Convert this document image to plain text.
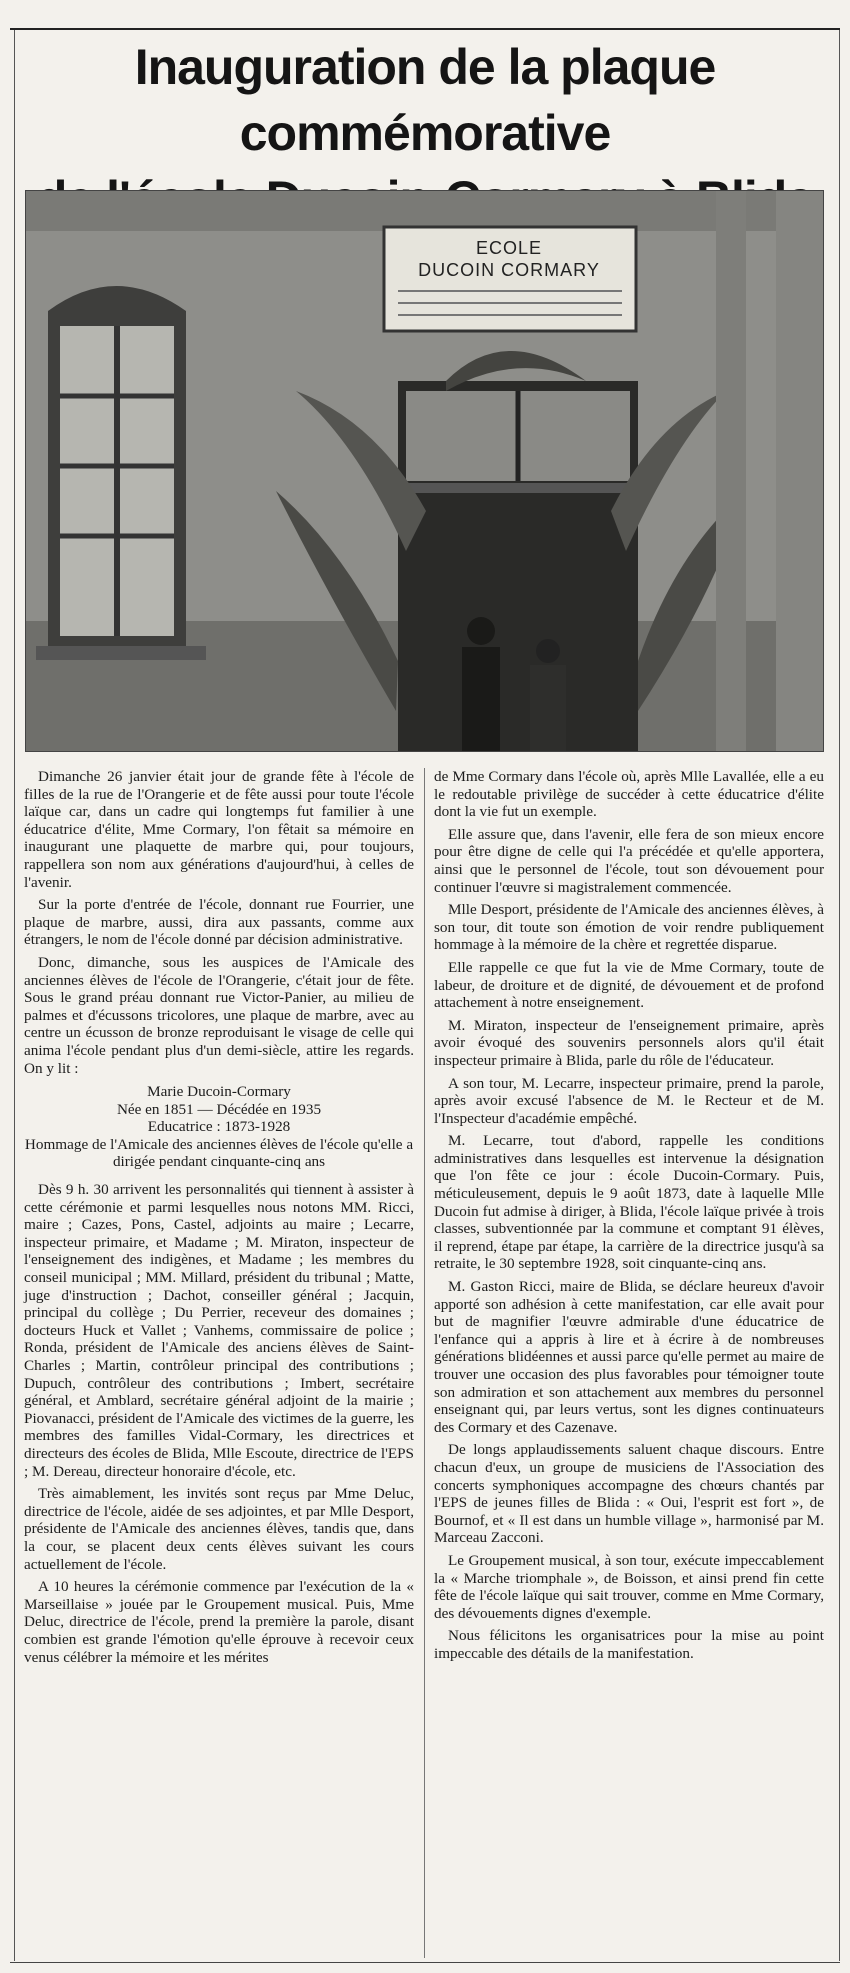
Inauguration de la plaque commémorative
ECOLE
DUCOIN CORMARY

Dimanche 26 janvier était jour de grande fête à l'école de filles de la rue de l'Orangerie et de fête aussi pour toute l'école laïque car, dans un cadre qui longtemps fut familier à une éducatrice d'élite, Mme Cormary, l'on fêtait sa mémoire en inaugurant une plaquette de marbre qui, pour toujours, rappellera son nom aux générations d'aujourd'hui, à celles de l'avenir.

Sur la porte d'entrée de l'école, donnant rue Fourrier, une plaque de marbre, aussi, dira aux passants, comme aux étrangers, le nom de l'école donné par décision administrative.

Donc, dimanche, sous les auspices de l'Amicale des anciennes élèves de l'école de l'Orangerie, c'était jour de fête. Sous le grand préau donnant rue Victor-Panier, au milieu de palmes et d'écussons tricolores, une plaque de marbre, avec au centre un écusson de bronze reproduisant le visage de celle qui anima l'école pendant plus d'un demi-siècle, attire les regards. On y lit :

Marie Ducoin-Cormary
Née en 1851 — Décédée en 1935
Educatrice : 1873-1928
Hommage de l'Amicale des anciennes élèves de l'école qu'elle a dirigée pendant cinquante-cinq ans

Dès 9 h. 30 arrivent les personnalités qui tiennent à assister à cette cérémonie et parmi lesquelles nous notons MM. Ricci, maire ; Cazes, Pons, Castel, adjoints au maire ; Lecarre, inspecteur primaire, et Madame ; M. Miraton, inspecteur de l'enseignement des indigènes, et Madame ; les membres du conseil municipal ; MM. Millard, président du tribunal ; Matte, juge d'instruction ; Dachot, conseiller général ; Jacquin, principal du collège ; Du Perrier, receveur des domaines ; docteurs Huck et Vallet ; Vanhems, commissaire de police ; Ronda, président de l'Amicale des anciens élèves de Saint-Charles ; Martin, contrôleur principal des contributions ; Dupuch, contrôleur des contributions ; Imbert, secrétaire général, et Amblard, secrétaire général adjoint de la mairie ; Piovanacci, président de l'Amicale des victimes de la guerre, les membres des familles Vidal-Cormary, les directrices et directeurs des écoles de Blida, Mlle Escoute, directrice de l'EPS ; M. Dereau, directeur honoraire d'école, etc.

Très aimablement, les invités sont reçus par Mme Deluc, directrice de l'école, aidée de ses adjointes, et par Mlle Desport, présidente de l'Amicale des anciennes élèves, tandis que, dans la cour, se placent deux cents élèves suivant les cours actuellement de l'école.

A 10 heures la cérémonie commence par l'exécution de la « Marseillaise » jouée par le Groupement musical. Puis, Mme Deluc, directrice de l'école, prend la première la parole, disant combien est grande l'émotion qu'elle éprouve à recevoir ceux venus célébrer la mémoire et les mérites

de Mme Cormary dans l'école où, après Mlle Lavallée, elle a eu le redoutable privilège de succéder à cette éducatrice d'élite dont la vie fut un exemple.

Elle assure que, dans l'avenir, elle fera de son mieux encore pour être digne de celle qui l'a précédée et qu'elle apportera, ainsi que le personnel de l'école, tout son dévouement pour continuer l'œuvre si magistralement commencée.

Mlle Desport, présidente de l'Amicale des anciennes élèves, à son tour, dit toute son émotion de voir rendre publiquement hommage à la mémoire de la chère et regrettée disparue.

Elle rappelle ce que fut la vie de Mme Cormary, toute de labeur, de droiture et de dignité, de dévouement et de profond attachement à notre enseignement.

M. Miraton, inspecteur de l'enseignement primaire, après avoir évoqué des souvenirs personnels alors qu'il était inspecteur primaire à Blida, parle du rôle de l'éducateur.

A son tour, M. Lecarre, inspecteur primaire, prend la parole, après avoir excusé l'absence de M. le Recteur et de M. l'Inspecteur d'académie empêché.

M. Lecarre, tout d'abord, rappelle les conditions administratives dans lesquelles est intervenue la désignation que l'on fête ce jour : école Ducoin-Cormary. Puis, méticuleusement, depuis le 9 août 1873, date à laquelle Mlle Ducoin fut admise à diriger, à Blida, l'école laïque privée à trois classes, subventionnée par la commune et comptant 91 élèves, il reprend, étape par étape, la carrière de la directrice jusqu'à sa retraite, le 30 septembre 1928, soit cinquante-cinq ans.

M. Gaston Ricci, maire de Blida, se déclare heureux d'avoir apporté son adhésion à cette manifestation, car elle avait pour but de magnifier l'œuvre admirable d'une éducatrice de l'enfance qui a appris à lire et à écrire à de nombreuses générations blidéennes et aussi parce qu'elle permet au maire de trouver une occasion des plus favorables pour témoigner toute son admiration et son attachement aux membres du personnel enseignant qui, par leurs vertus, sont les dignes continuateurs des Cormary et des Cazenave.

De longs applaudissements saluent chaque discours. Entre chacun d'eux, un groupe de musiciens de l'Association des concerts symphoniques accompagne des chœurs chantés par l'EPS de jeunes filles de Blida : « Oui, l'esprit est fort », de Bournof, et « Il est dans un humble village », harmonisé par M. Marceau Zacconi.

Le Groupement musical, à son tour, exécute impeccablement la « Marche triomphale », de Boisson, et ainsi prend fin cette fête de l'école laïque qui sait trouver, comme en Mme Cormary, des dévouements dignes d'exemple.

Nous félicitons les organisatrices pour la mise au point impeccable des détails de la manifestation.
